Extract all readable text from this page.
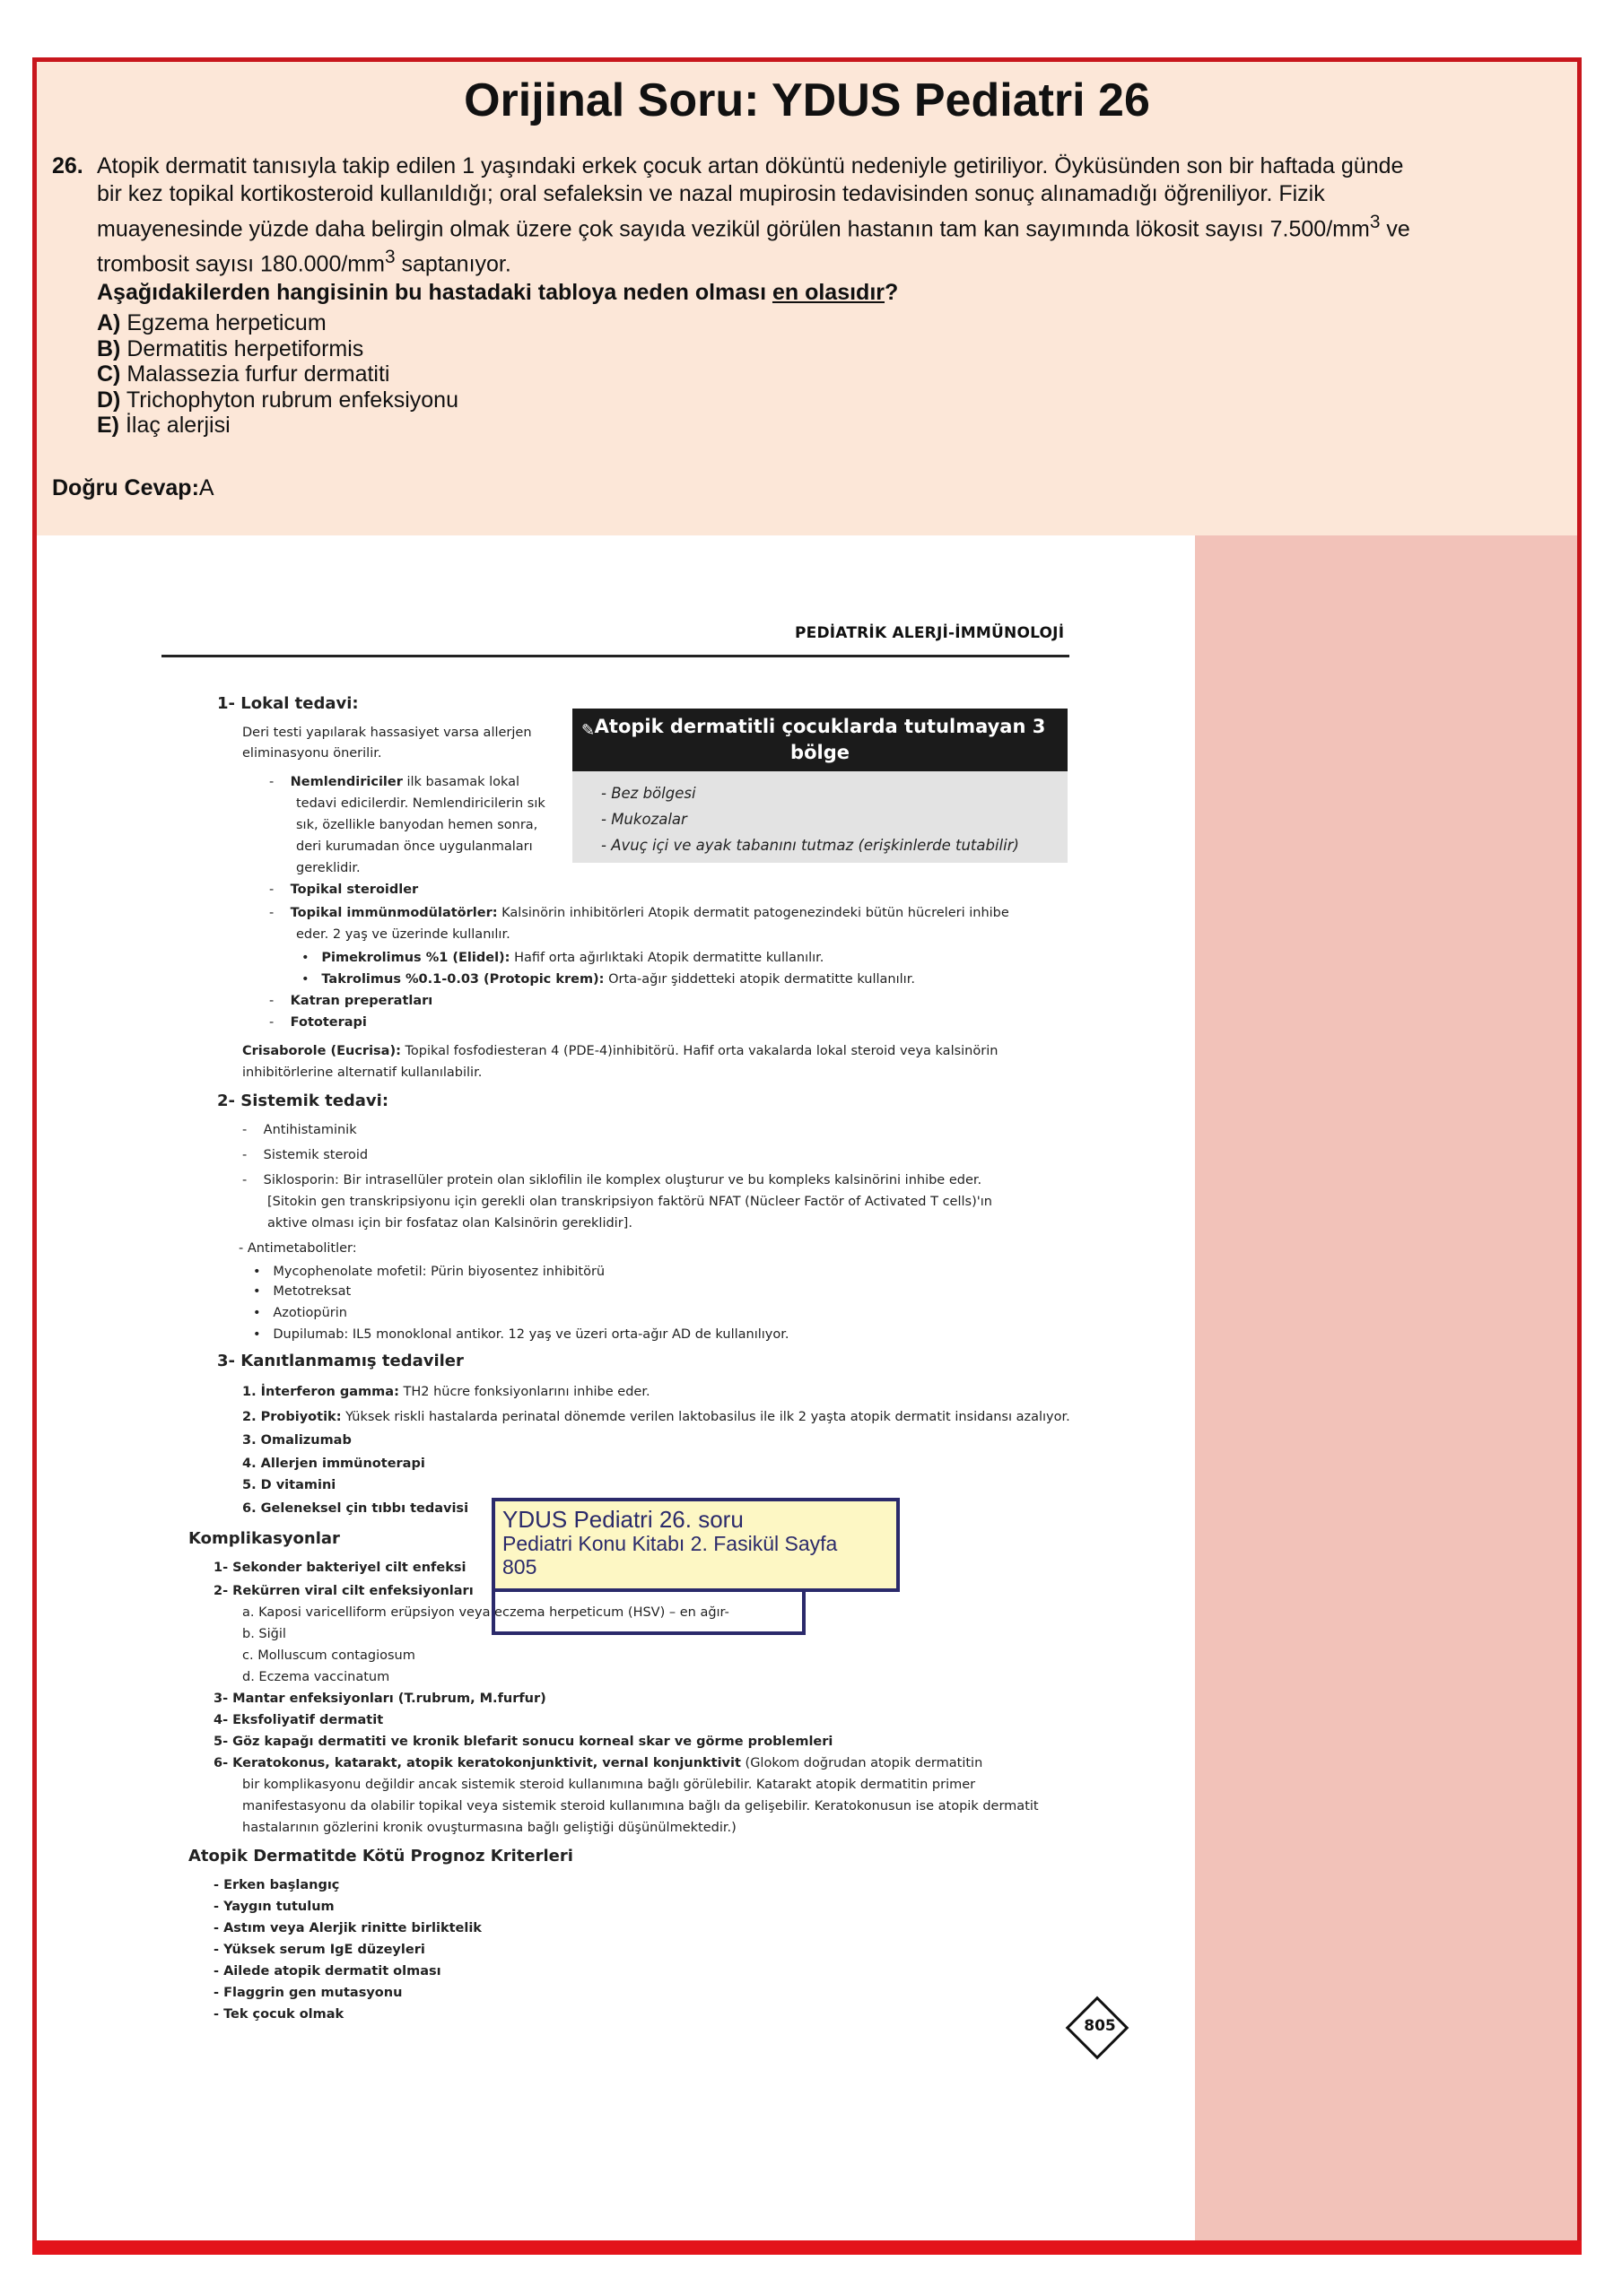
Orijinal Soru: YDUS Pediatri 26
26. Atopik dermatit tanısıyla takip edilen 1 yaşındaki erkek çocuk artan döküntü nedeniyle getiriliyor. Öyküsünden son bir haftada günde

bir kez topikal kortikosteroid kullanıldığı; oral sefaleksin ve nazal mupirosin tedavisinden sonuç alınamadığı öğreniliyor. Fizik

muayenesinde yüzde daha belirgin olmak üzere çok sayıda vezikül görülen hastanın tam kan sayımında lökosit sayısı $7.500/mm^3$ ve

trombosit sayısı $180.000/mm^3$ saptanıyor.

Aşağıdakilerden hangisinin bu hastadaki tabloya neden olması en olasıdır?

A) Egzema herpeticum
B) Dermatitis herpetiformis
C) Malassezia furfur dermatiti
D) Trichophyton rubrum enfeksiyonu
E) İlaç alerjisi
Doğru Cevap:A
PEDİATRİK ALERJİ-İMMÜNOLOJİ
1- Lokal tedavi:
Deri testi yapılarak hassasiyet varsa allerjen
eliminasyonu önerilir.
-    Nemlendiriciler ilk basamak lokal
tedavi edicilerdir. Nemlendiricilerin sık
sık, özellikle banyodan hemen sonra,
deri kurumadan önce uygulanmaları
gereklidir.
✎ Atopik dermatitli çocuklarda tutulmayan 3
bölge
- Bez bölgesi
- Mukozalar
- Avuç içi ve ayak tabanını tutmaz (erişkinlerde tutabilir)
-    Topikal steroidler
-    Topikal immünmodülatörler: Kalsinörin inhibitörleri Atopik dermatit patogenezindeki bütün hücreleri inhibe
eder. 2 yaş ve üzerinde kullanılır.
•   Pimekrolimus %1 (Elidel): Hafif orta ağırlıktaki Atopik dermatitte kullanılır.
•   Takrolimus %0.1-0.03 (Protopic krem): Orta-ağır şiddetteki atopik dermatitte kullanılır.
-    Katran preperatları
-    Fototerapi
Crisaborole (Eucrisa): Topikal fosfodiesteran 4 (PDE-4)inhibitörü. Hafif orta vakalarda lokal steroid veya kalsinörin
inhibitörlerine alternatif kullanılabilir.
2- Sistemik tedavi:
-    Antihistaminik
-    Sistemik steroid
-    Siklosporin: Bir intrasellüler protein olan siklofilin ile komplex oluşturur ve bu kompleks kalsinörini inhibe eder.
[Sitokin gen transkripsiyonu için gerekli olan transkripsiyon faktörü NFAT (Nücleer Factör of Activated T cells)'ın
aktive olması için bir fosfataz olan Kalsinörin gereklidir].
- Antimetabolitler:
•   Mycophenolate mofetil: Pürin biyosentez inhibitörü
•   Metotreksat
•   Azotiopürin
•   Dupilumab: IL5 monoklonal antikor. 12 yaş ve üzeri orta-ağır AD de kullanılıyor.
3- Kanıtlanmamış tedaviler
1. İnterferon gamma: TH2 hücre fonksiyonlarını inhibe eder.
2. Probiyotik: Yüksek riskli hastalarda perinatal dönemde verilen laktobasilus ile ilk 2 yaşta atopik dermatit insidansı azalıyor.
3. Omalizumab
4. Allerjen immünoterapi
5. D vitamini
6. Geleneksel çin tıbbı tedavisi
Komplikasyonlar
1- Sekonder bakteriyel cilt enfeksi
2- Rekürren viral cilt enfeksiyonları
a. Kaposi varicelliform erüpsiyon veya eczema herpeticum (HSV) – en ağır-
b. Siğil
c. Molluscum contagiosum
d. Eczema vaccinatum
3- Mantar enfeksiyonları (T.rubrum, M.furfur)
4- Eksfoliyatif dermatit
5- Göz kapağı dermatiti ve kronik blefarit sonucu korneal skar ve görme problemleri
6- Keratokonus, katarakt, atopik keratokonjunktivit, vernal konjunktivit (Glokom doğrudan atopik dermatitin
bir komplikasyonu değildir ancak sistemik steroid kullanımına bağlı görülebilir. Katarakt atopik dermatitin primer
manifestasyonu da olabilir topikal veya sistemik steroid kullanımına bağlı da gelişebilir. Keratokonusun ise atopik dermatit
hastalarının gözlerini kronik ovuşturmasına bağlı geliştiği düşünülmektedir.)
Atopik Dermatitde Kötü Prognoz Kriterleri
- Erken başlangıç
- Yaygın tutulum
- Astım veya Alerjik rinitte birliktelik
- Yüksek serum IgE düzeyleri
- Ailede atopik dermatit olması
- Flaggrin gen mutasyonu
- Tek çocuk olmak
805
YDUS Pediatri 26. soru
Pediatri Konu Kitabı 2. Fasikül Sayfa
805
